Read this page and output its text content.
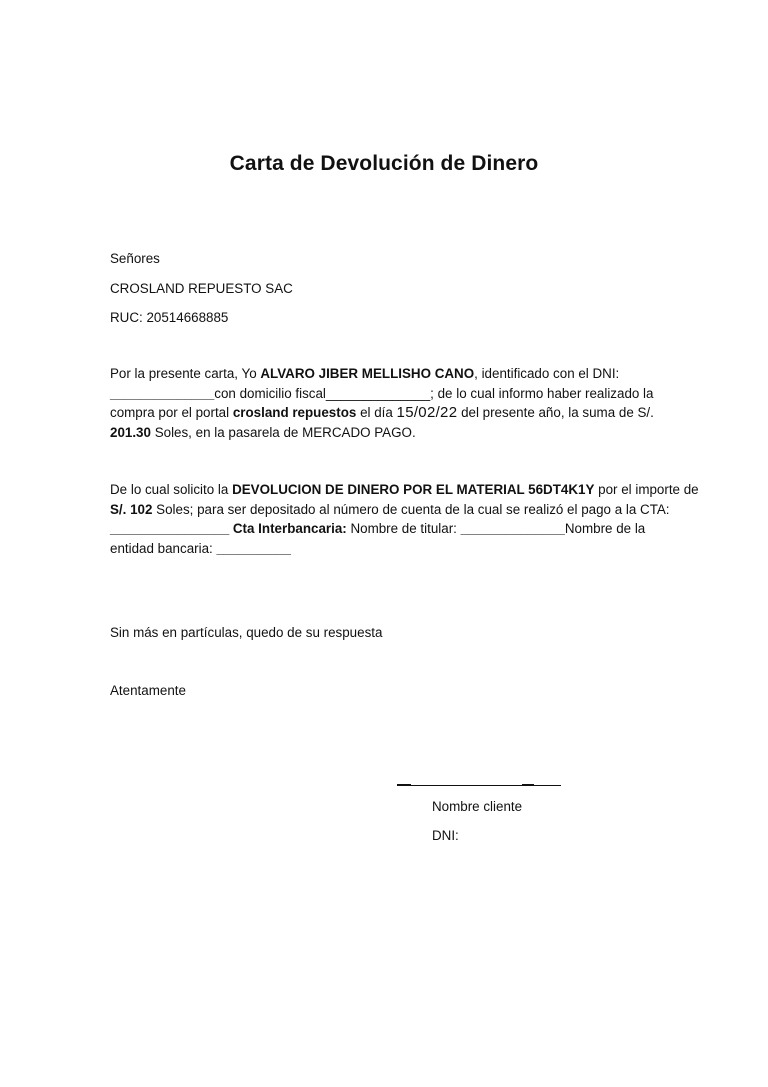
Carta de Devolución de Dinero
Señores
CROSLAND REPUESTO SAC
RUC: 20514668885
Por la presente carta, Yo ALVARO JIBER MELLISHO CANO, identificado con el DNI:
______________con domicilio fiscal______________; de lo cual informo haber realizado la
compra por el portal crosland repuestos el día 15/02/22 del presente año, la suma de S/.
201.30 Soles, en la pasarela de MERCADO PAGO.
De lo cual solicito la DEVOLUCION DE DINERO POR EL MATERIAL 56DT4K1Y por el importe de
S/. 102 Soles; para ser depositado al número de cuenta de la cual se realizó el pago a la CTA:
________________ Cta Interbancaria: Nombre de titular: ______________Nombre de la
entidad bancaria: __________
Sin más en partículas, quedo de su respuesta
Atentamente
Nombre cliente
DNI:
